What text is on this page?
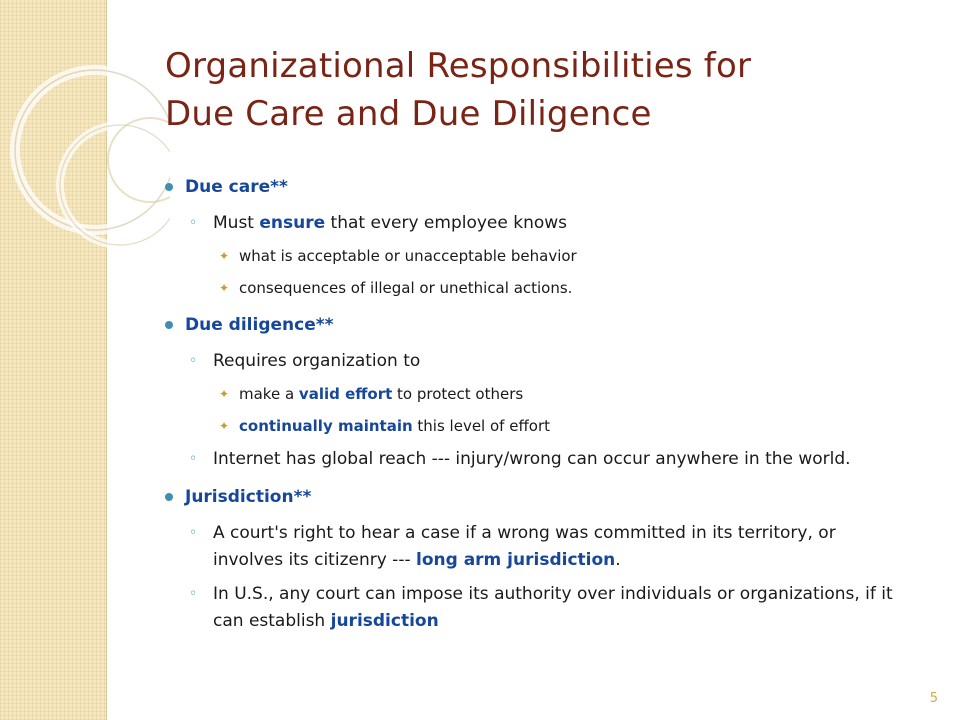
Organizational Responsibilities for
Due Care and Due Diligence
Due care**
◦ Must ensure that every employee knows
✦ what is acceptable or unacceptable behavior
✦ consequences of illegal or unethical actions.
Due diligence**
◦ Requires organization to
✦ make a valid effort to protect others
✦ continually maintain this level of effort
◦ Internet has global reach --- injury/wrong can occur anywhere in the world.
Jurisdiction**
◦ A court's right to hear a case if a wrong was committed in its territory, or involves its citizenry --- long arm jurisdiction.
◦ In U.S., any court can impose its authority over individuals or organizations, if it can establish jurisdiction
5
